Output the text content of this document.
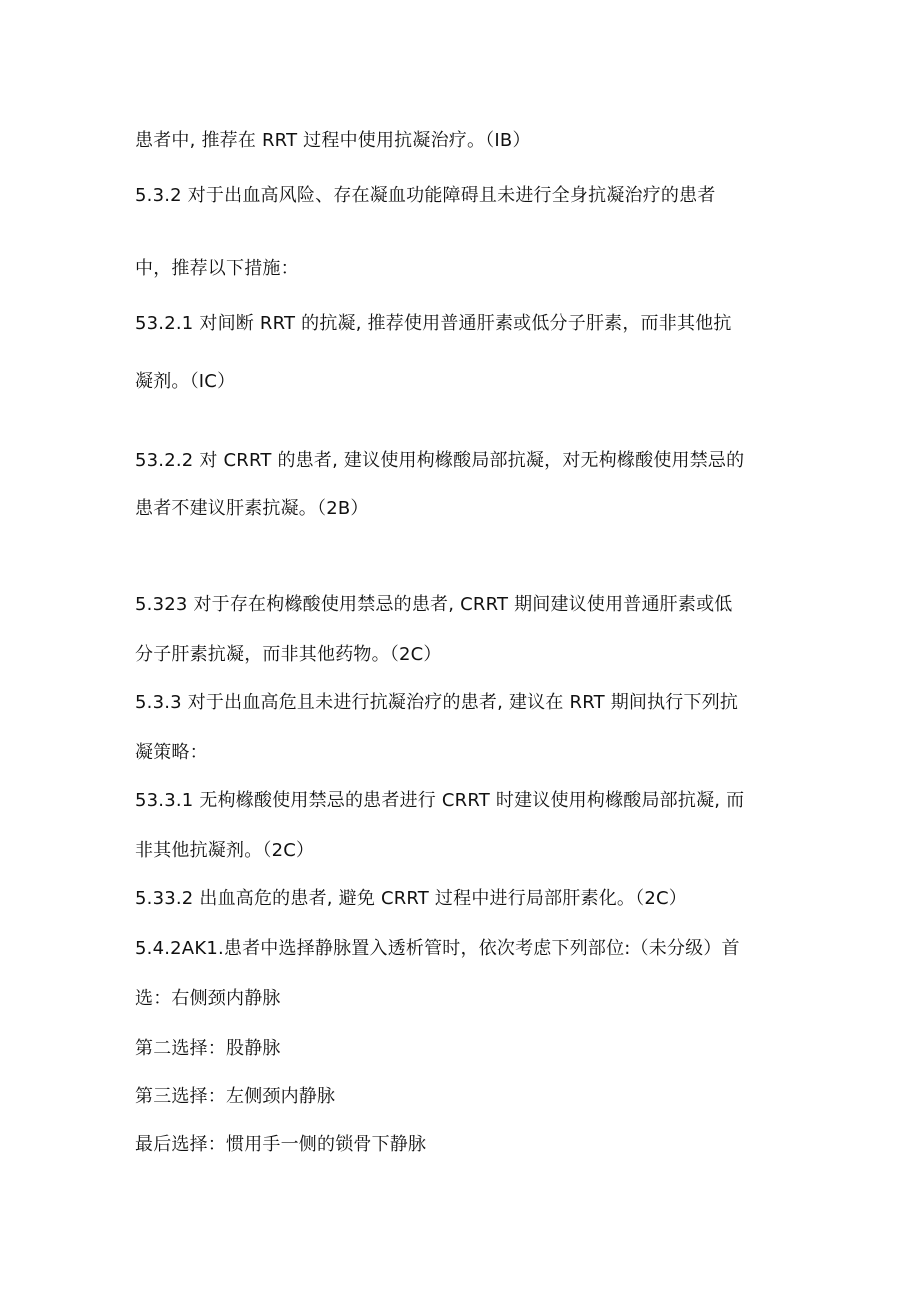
患者中, 推荐在 RRT 过程中使用抗凝治疗。（IB）
5.3.2 对于出血高风险、存在凝血功能障碍且未进行全身抗凝治疗的患者
中，推荐以下措施：
53.2.1 对间断 RRT 的抗凝, 推荐使用普通肝素或低分子肝素，而非其他抗
凝剂。（IC）
53.2.2 对 CRRT 的患者, 建议使用枸橼酸局部抗凝，对无枸橼酸使用禁忌的
患者不建议肝素抗凝。（2B）
5.323 对于存在枸橼酸使用禁忌的患者, CRRT 期间建议使用普通肝素或低
分子肝素抗凝，而非其他药物。（2C）
5.3.3 对于出血高危且未进行抗凝治疗的患者, 建议在 RRT 期间执行下列抗
凝策略：
53.3.1 无枸橼酸使用禁忌的患者进行 CRRT 时建议使用枸橼酸局部抗凝, 而
非其他抗凝剂。（2C）
5.33.2 出血高危的患者, 避免 CRRT 过程中进行局部肝素化。（2C）
5.4.2AK1.患者中选择静脉置入透析管时，依次考虑下列部位:（未分级）首
选：右侧颈内静脉
第二选择：股静脉
第三选择：左侧颈内静脉
最后选择：惯用手一侧的锁骨下静脉
